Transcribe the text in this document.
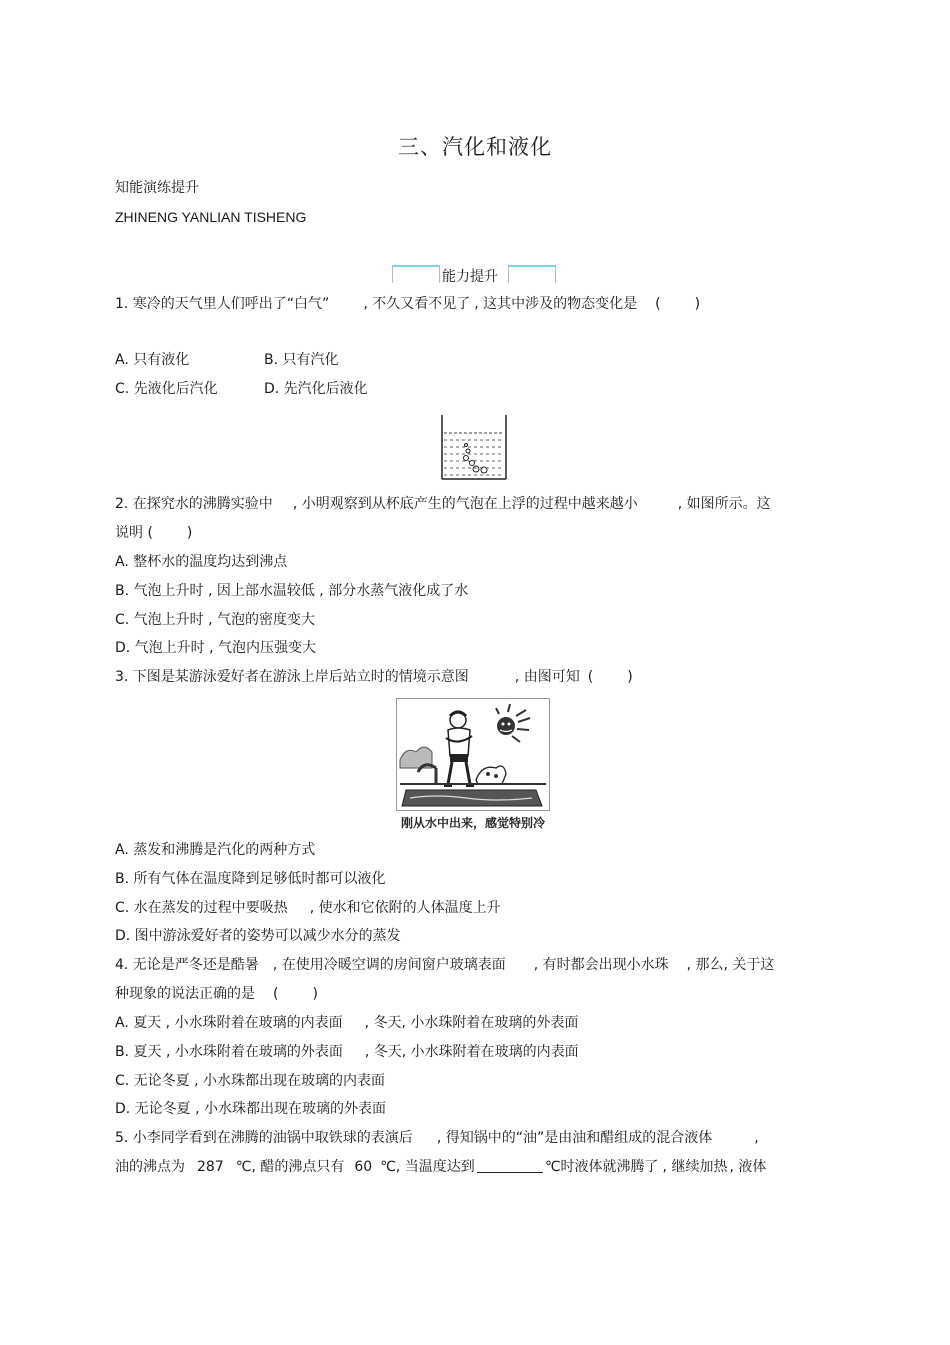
三、汽化和液化
知能演练提升
ZHINENG YANLIAN TISHENG
能力提升
1. 寒冷的天气里人们呼出了“白气” , 不久又看不见了 , 这其中涉及的物态变化是 ( )
A. 只有液化	B. 只有汽化
C. 先液化后汽化	D. 先汽化后液化
2. 在探究水的沸腾实验中 , 小明观察到从杯底产生的气泡在上浮的过程中越来越小	, 如图所示。这
说明 ( )
A. 整杯水的温度均达到沸点
B. 气泡上升时 , 因上部水温较低 , 部分水蒸气液化成了水
C. 气泡上升时 , 气泡的密度变大
D. 气泡上升时 , 气泡内压强变大
3. 下图是某游泳爱好者在游泳上岸后站立时的情境示意图	, 由图可知 ( )
刚从水中出来，感觉特别冷
A. 蒸发和沸腾是汽化的两种方式
B. 所有气体在温度降到足够低时都可以液化
C. 水在蒸发的过程中要吸热 , 使水和它依附的人体温度上升
D. 图中游泳爱好者的姿势可以减少水分的蒸发
4. 无论是严冬还是酷暑 , 在使用冷暖空调的房间窗户玻璃表面 , 有时都会出现小水珠 , 那么, 关于这
种现象的说法正确的是 ( )
A. 夏天 , 小水珠附着在玻璃的内表面 , 冬天, 小水珠附着在玻璃的外表面
B. 夏天 , 小水珠附着在玻璃的外表面 , 冬天, 小水珠附着在玻璃的内表面
C. 无论冬夏 , 小水珠都出现在玻璃的内表面
D. 无论冬夏 , 小水珠都出现在玻璃的外表面
5. 小李同学看到在沸腾的油锅中取铁球的表演后 , 得知锅中的“油”是由油和醋组成的混合液体	,
油的沸点为 287 ℃, 醋的沸点只有 60 ℃, 当温度达到	℃时液体就沸腾了 , 继续加热 , 液体
